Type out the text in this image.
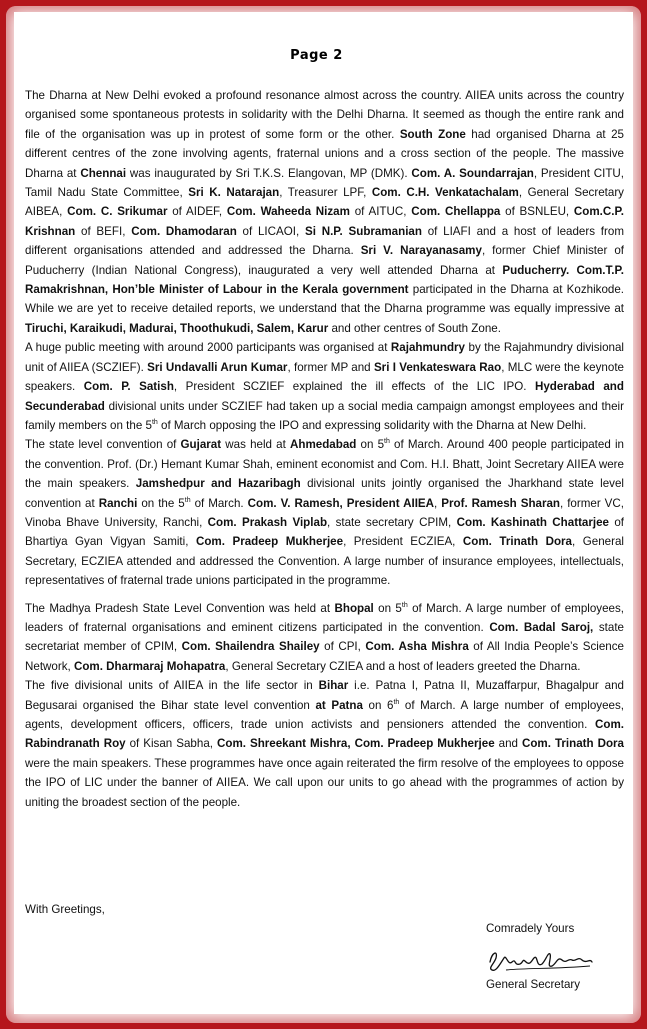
Page 2

The Dharna at New Delhi evoked a profound resonance almost across the country. AIIEA units across the country organised some spontaneous protests in solidarity with the Delhi Dharna. It seemed as though the entire rank and file of the organisation was up in protest of some form or the other. South Zone had organised Dharna at 25 different centres of the zone involving agents, fraternal unions and a cross section of the people. The massive Dharna at Chennai was inaugurated by Sri T.K.S. Elangovan, MP (DMK). Com. A. Soundarrajan, President CITU, Tamil Nadu State Committee, Sri K. Natarajan, Treasurer LPF, Com. C.H. Venkatachalam, General Secretary AIBEA, Com. C. Srikumar of AIDEF, Com. Waheeda Nizam of AITUC, Com. Chellappa of BSNLEU, Com.C.P. Krishnan of BEFI, Com. Dhamodaran of LICAOI, Si N.P. Subramanian of LIAFI and a host of leaders from different organisations attended and addressed the Dharna. Sri V. Narayanasamy, former Chief Minister of Puducherry (Indian National Congress), inaugurated a very well attended Dharna at Puducherry. Com.T.P. Ramakrishnan, Hon’ble Minister of Labour in the Kerala government participated in the Dharna at Kozhikode. While we are yet to receive detailed reports, we understand that the Dharna programme was equally impressive at Tiruchi, Karaikudi, Madurai, Thoothukudi, Salem, Karur and other centres of South Zone.

A huge public meeting with around 2000 participants was organised at Rajahmundry by the Rajahmundry divisional unit of AIIEA (SCZIEF). Sri Undavalli Arun Kumar, former MP and Sri I Venkateswara Rao, MLC were the keynote speakers. Com. P. Satish, President SCZIEF explained the ill effects of the LIC IPO. Hyderabad and Secunderabad divisional units under SCZIEF had taken up a social media campaign amongst employees and their family members on the 5th of March opposing the IPO and expressing solidarity with the Dharna at New Delhi.

The state level convention of Gujarat was held at Ahmedabad on 5th of March. Around 400 people participated in the convention. Prof. (Dr.) Hemant Kumar Shah, eminent economist and Com. H.I. Bhatt, Joint Secretary AIIEA were the main speakers. Jamshedpur and Hazaribagh divisional units jointly organised the Jharkhand state level convention at Ranchi on the 5th of March. Com. V. Ramesh, President AIIEA, Prof. Ramesh Sharan, former VC, Vinoba Bhave University, Ranchi, Com. Prakash Viplab, state secretary CPIM, Com. Kashinath Chattarjee of Bhartiya Gyan Vigyan Samiti, Com. Pradeep Mukherjee, President ECZIEA, Com. Trinath Dora, General Secretary, ECZIEA attended and addressed the Convention. A large number of insurance employees, intellectuals, representatives of fraternal trade unions participated in the programme.

The Madhya Pradesh State Level Convention was held at Bhopal on 5th of March. A large number of employees, leaders of fraternal organisations and eminent citizens participated in the convention. Com. Badal Saroj, state secretariat member of CPIM, Com. Shailendra Shailey of CPI, Com. Asha Mishra of All India People’s Science Network, Com. Dharmaraj Mohapatra, General Secretary CZIEA and a host of leaders greeted the Dharna.

The five divisional units of AIIEA in the life sector in Bihar i.e. Patna I, Patna II, Muzaffarpur, Bhagalpur and Begusarai organised the Bihar state level convention at Patna on 6th of March. A large number of employees, agents, development officers, officers, trade union activists and pensioners attended the convention. Com. Rabindranath Roy of Kisan Sabha, Com. Shreekant Mishra, Com. Pradeep Mukherjee and Com. Trinath Dora were the main speakers. These programmes have once again reiterated the firm resolve of the employees to oppose the IPO of LIC under the banner of AIIEA. We call upon our units to go ahead with the programmes of action by uniting the broadest section of the people.

With Greetings,
Comradely Yours
General Secretary
